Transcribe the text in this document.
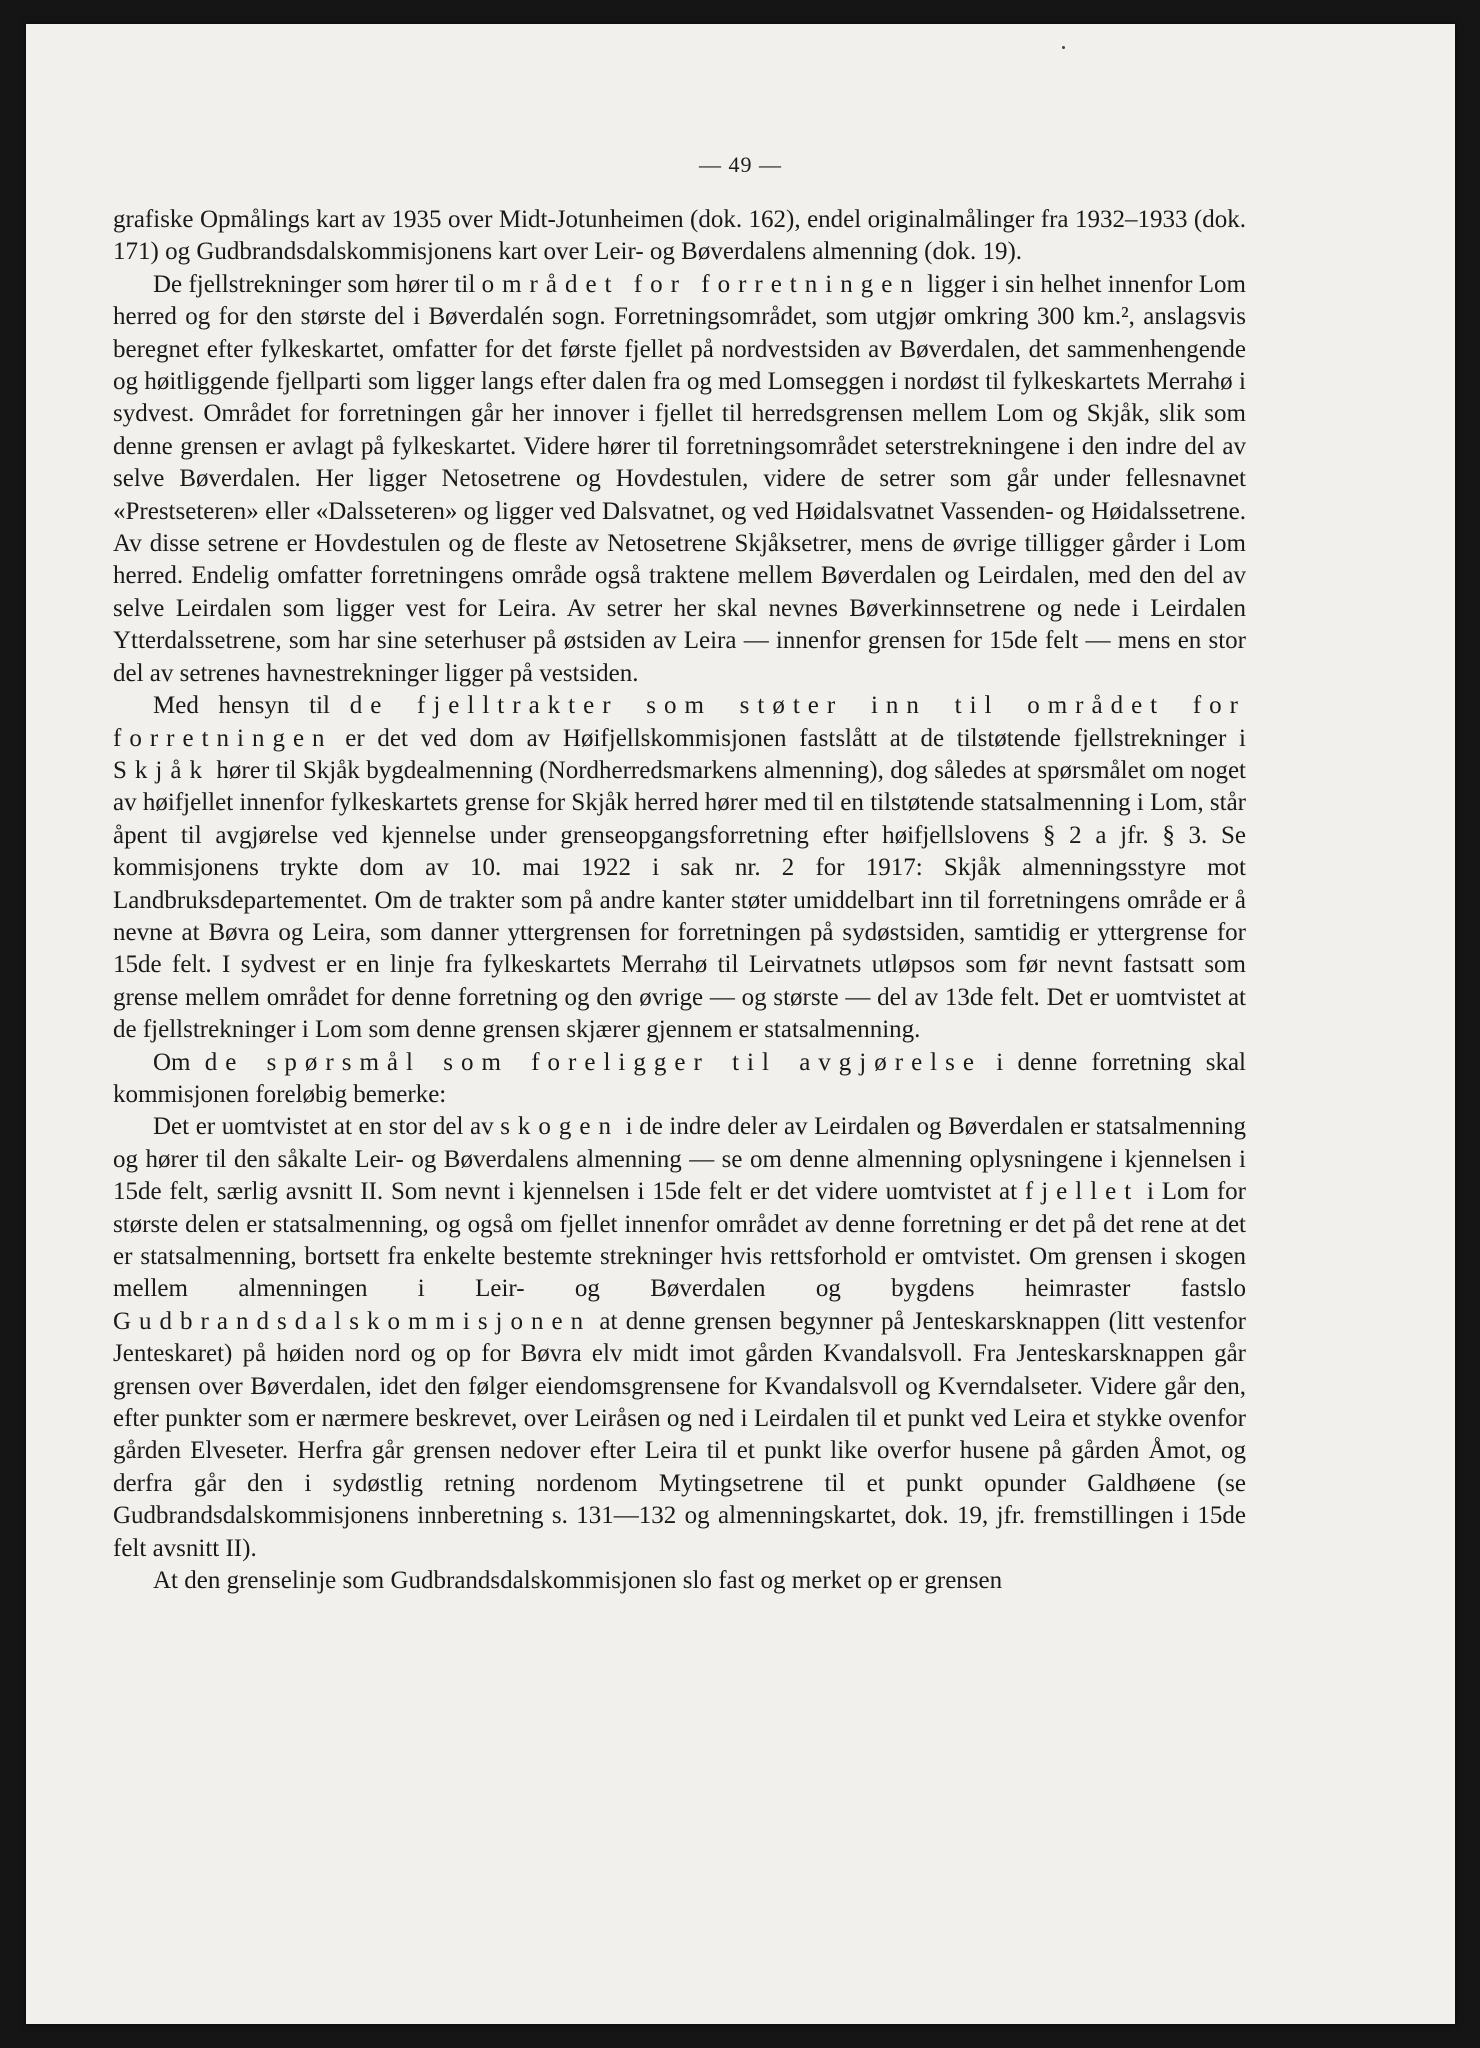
— 49 —

grafiske Opmålings kart av 1935 over Midt-Jotunheimen (dok. 162), endel originalmålinger fra 1932–1933 (dok. 171) og Gudbrandsdalskommisjonens kart over Leir- og Bøverdalens almenning (dok. 19).

De fjellstrekninger som hører til området for forretningen ligger i sin helhet innenfor Lom herred og for den største del i Bøverdalén sogn. Forretningsområdet, som utgjør omkring 300 km.², anslagsvis beregnet efter fylkeskartet, omfatter for det første fjellet på nordvestsiden av Bøverdalen, det sammenhengende og høitliggende fjellparti som ligger langs efter dalen fra og med Lomseggen i nordøst til fylkeskartets Merrahø i sydvest. Området for forretningen går her innover i fjellet til herredsgrensen mellem Lom og Skjåk, slik som denne grensen er avlagt på fylkeskartet. Videre hører til forretningsområdet seterstrekningene i den indre del av selve Bøverdalen. Her ligger Netosetrene og Hovdestulen, videre de setrer som går under fellesnavnet «Prestseteren» eller «Dalsseteren» og ligger ved Dalsvatnet, og ved Høidalsvatnet Vassenden- og Høidalssetrene. Av disse setrene er Hovdestulen og de fleste av Netosetrene Skjåksetrer, mens de øvrige tilligger gårder i Lom herred. Endelig omfatter forretningens område også traktene mellem Bøverdalen og Leirdalen, med den del av selve Leirdalen som ligger vest for Leira. Av setrer her skal nevnes Bøverkinnsetrene og nede i Leirdalen Ytterdalssetrene, som har sine seterhuser på østsiden av Leira — innenfor grensen for 15de felt — mens en stor del av setrenes havnestrekninger ligger på vestsiden.

Med hensyn til de fjelltrakter som støter inn til området for forretningen er det ved dom av Høifjellskommisjonen fastslått at de tilstøtende fjellstrekninger i Skjåk hører til Skjåk bygdealmenning (Nordherredsmarkens almenning), dog således at spørsmålet om noget av høifjellet innenfor fylkeskartets grense for Skjåk herred hører med til en tilstøtende statsalmenning i Lom, står åpent til avgjørelse ved kjennelse under grenseopgangsforretning efter høifjellslovens § 2 a jfr. § 3. Se kommisjonens trykte dom av 10. mai 1922 i sak nr. 2 for 1917: Skjåk almenningsstyre mot Landbruksdepartementet. Om de trakter som på andre kanter støter umiddelbart inn til forretningens område er å nevne at Bøvra og Leira, som danner yttergrensen for forretningen på sydøstsiden, samtidig er yttergrense for 15de felt. I sydvest er en linje fra fylkeskartets Merrahø til Leirvatnets utløpsos som før nevnt fastsatt som grense mellem området for denne forretning og den øvrige — og største — del av 13de felt. Det er uomtvistet at de fjellstrekninger i Lom som denne grensen skjærer gjennem er statsalmenning.

Om de spørsmål som foreligger til avgjørelse i denne forretning skal kommisjonen foreløbig bemerke:

Det er uomtvistet at en stor del av skogen i de indre deler av Leirdalen og Bøverdalen er statsalmenning og hører til den såkalte Leir- og Bøverdalens almenning — se om denne almenning oplysningene i kjennelsen i 15de felt, særlig avsnitt II. Som nevnt i kjennelsen i 15de felt er det videre uomtvistet at fjellet i Lom for største delen er statsalmenning, og også om fjellet innenfor området av denne forretning er det på det rene at det er statsalmenning, bortsett fra enkelte bestemte strekninger hvis rettsforhold er omtvistet. Om grensen i skogen mellem almenningen i Leir- og Bøverdalen og bygdens heimraster fastslo Gudbrandsdalskommisjonen at denne grensen begynner på Jenteskarsknappen (litt vestenfor Jenteskaret) på høiden nord og op for Bøvra elv midt imot gården Kvandalsvoll. Fra Jenteskarsknappen går grensen over Bøverdalen, idet den følger eiendomsgrensene for Kvandalsvoll og Kverndalseter. Videre går den, efter punkter som er nærmere beskrevet, over Leiråsen og ned i Leirdalen til et punkt ved Leira et stykke ovenfor gården Elveseter. Herfra går grensen nedover efter Leira til et punkt like overfor husene på gården Åmot, og derfra går den i sydøstlig retning nordenom Mytingsetrene til et punkt opunder Galdhøene (se Gudbrandsdalskommisjonens innberetning s. 131—132 og almenningskartet, dok. 19, jfr. fremstillingen i 15de felt avsnitt II).

At den grenselinje som Gudbrandsdalskommisjonen slo fast og merket op er grensen
